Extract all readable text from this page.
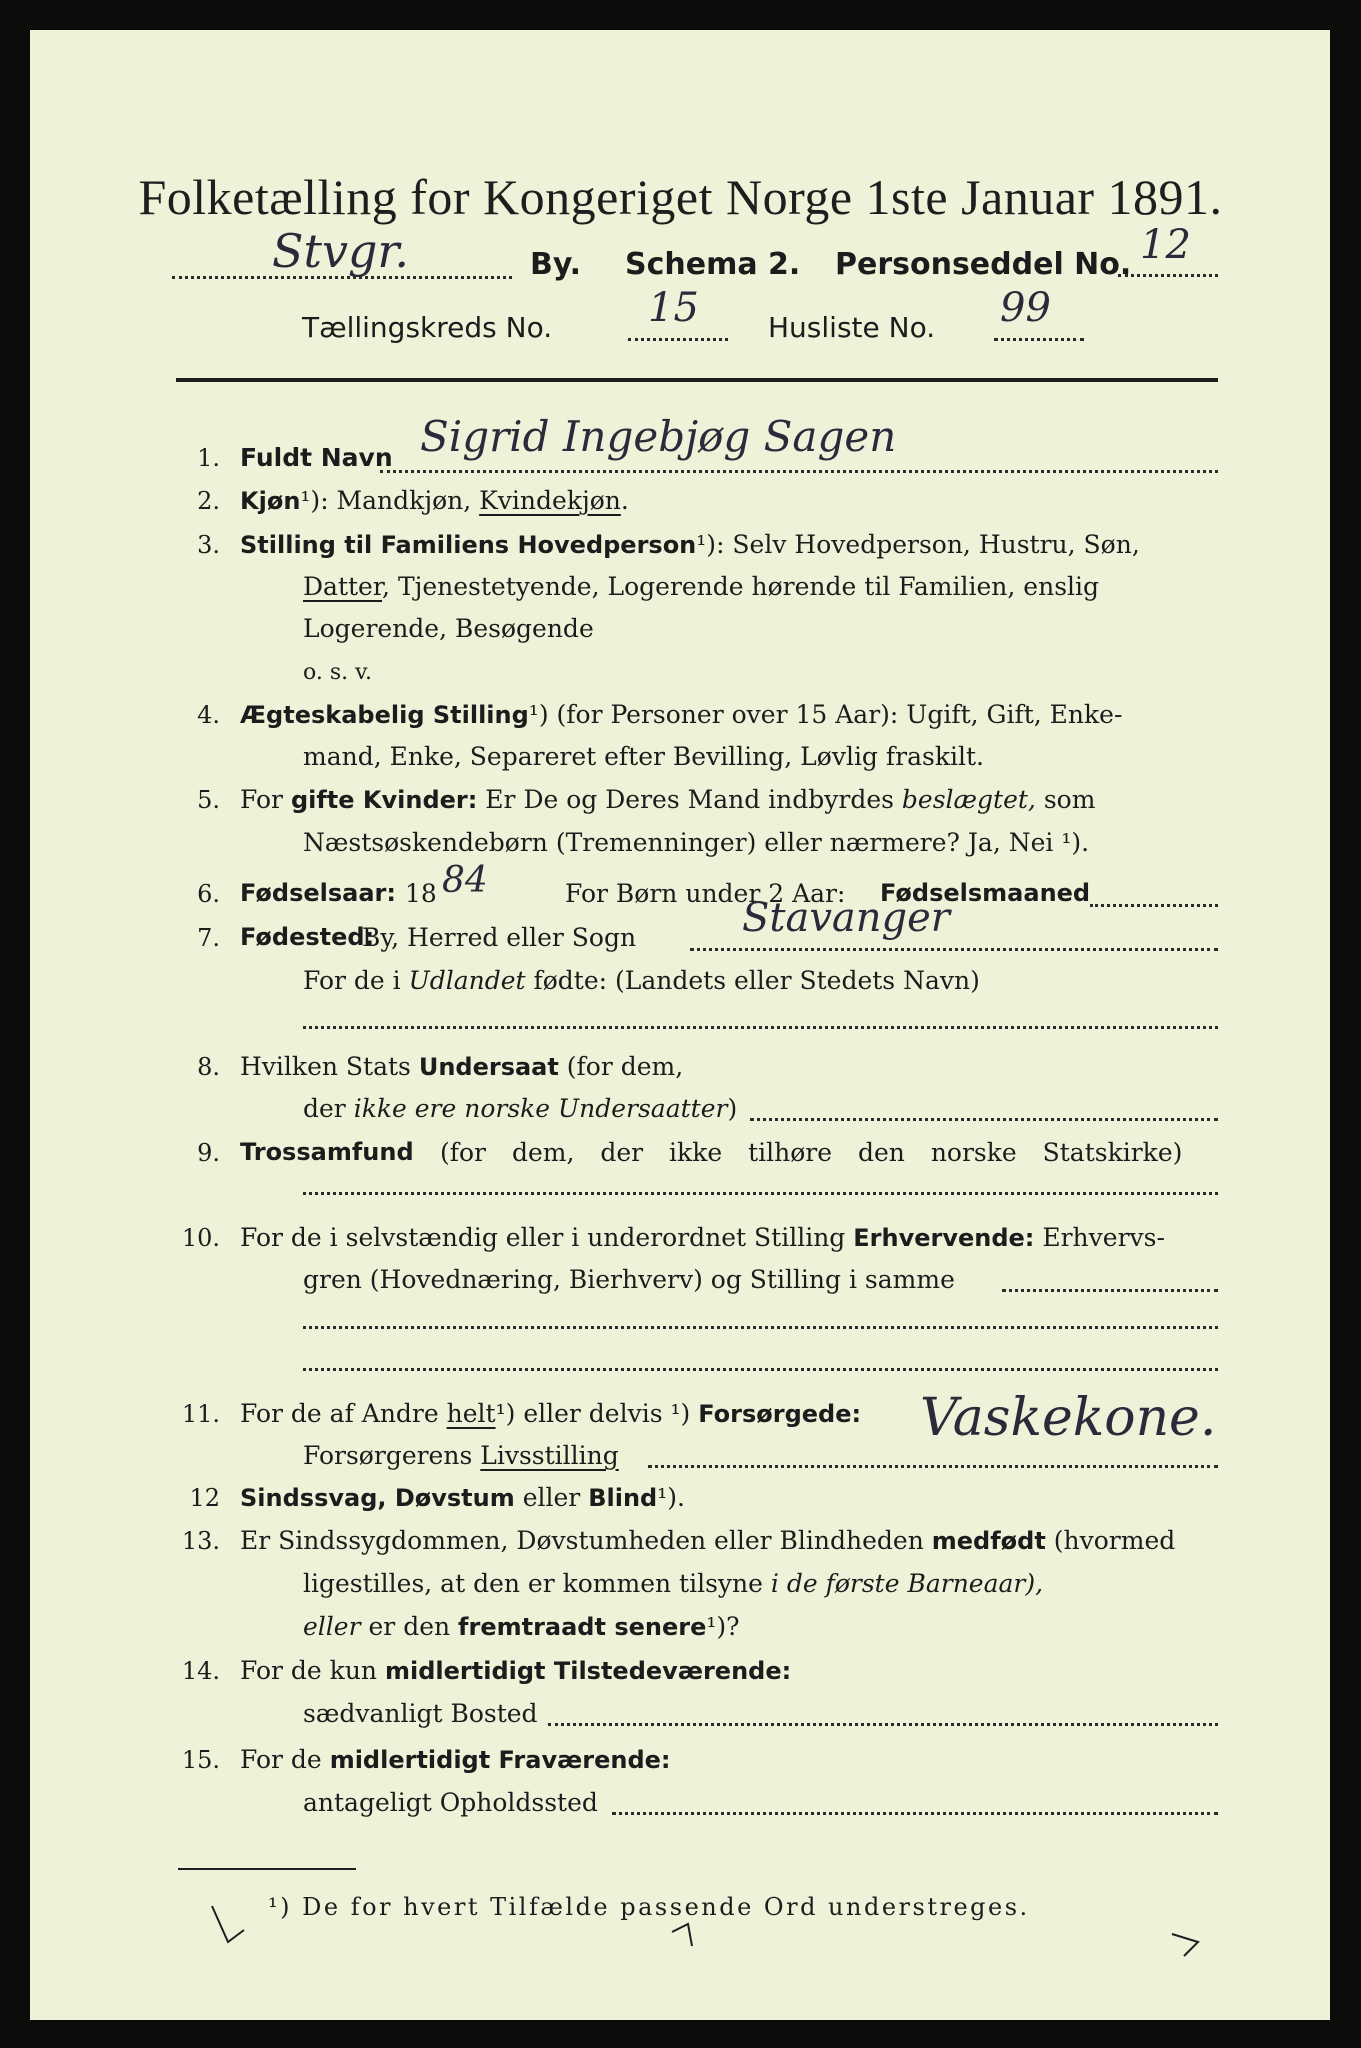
Folketælling for Kongeriget Norge 1ste Januar 1891.
Stvgr.	By. Schema 2. Personseddel No. 12
Tællingskreds No. 15 Husliste No. 99
1. Fuldt Navn Sigrid Ingebjøg Sagen
2. Kjøn¹): Mandkjøn, Kvindekjøn.
3. Stilling til Familiens Hovedperson¹): Selv Hovedperson, Hustru, Søn,
Datter, Tjenestetyende, Logerende hørende til Familien, enslig
Logerende, Besøgende
o. s. v.
4. Ægteskabelig Stilling¹) (for Personer over 15 Aar): Ugift, Gift, Enke-
mand, Enke, Separeret efter Bevilling, Løvlig fraskilt.
5. For gifte Kvinder: Er De og Deres Mand indbyrdes beslægtet, som
Næstsøskendebørn (Tremenninger) eller nærmere? Ja, Nei ¹).
6. Fødselsaar: 18 84	For Børn under 2 Aar: Fødselsmaaned
7. Fødested:
By, Herred eller Sogn	Stavanger
For de i Udlandet fødte: (Landets eller Stedets Navn)
8. Hvilken Stats Undersaat (for dem,
der ikke ere norske Undersaatter)
9. Trossamfund (for dem, der ikke tilhøre den norske Statskirke)
10. For de i selvstændig eller i underordnet Stilling Erhvervende: Erhvervs-
gren (Hovednæring, Bierhverv) og Stilling i samme
11. For de af Andre helt¹) eller delvis ¹) Forsørgede:
Forsørgerens Livsstilling
Vaskekone.
12 Sindssvag, Døvstum eller Blind¹).
13. Er Sindssygdommen, Døvstumheden eller Blindheden medfødt (hvormed
ligestilles, at den er kommen tilsyne i de første Barneaar),
eller er den fremtraadt senere¹)?
14. For de kun midlertidigt Tilstedeværende:
sædvanligt Bosted
15. For de midlertidigt Fraværende:
antageligt Opholdssted
¹) De for hvert Tilfælde passende Ord understreges.
